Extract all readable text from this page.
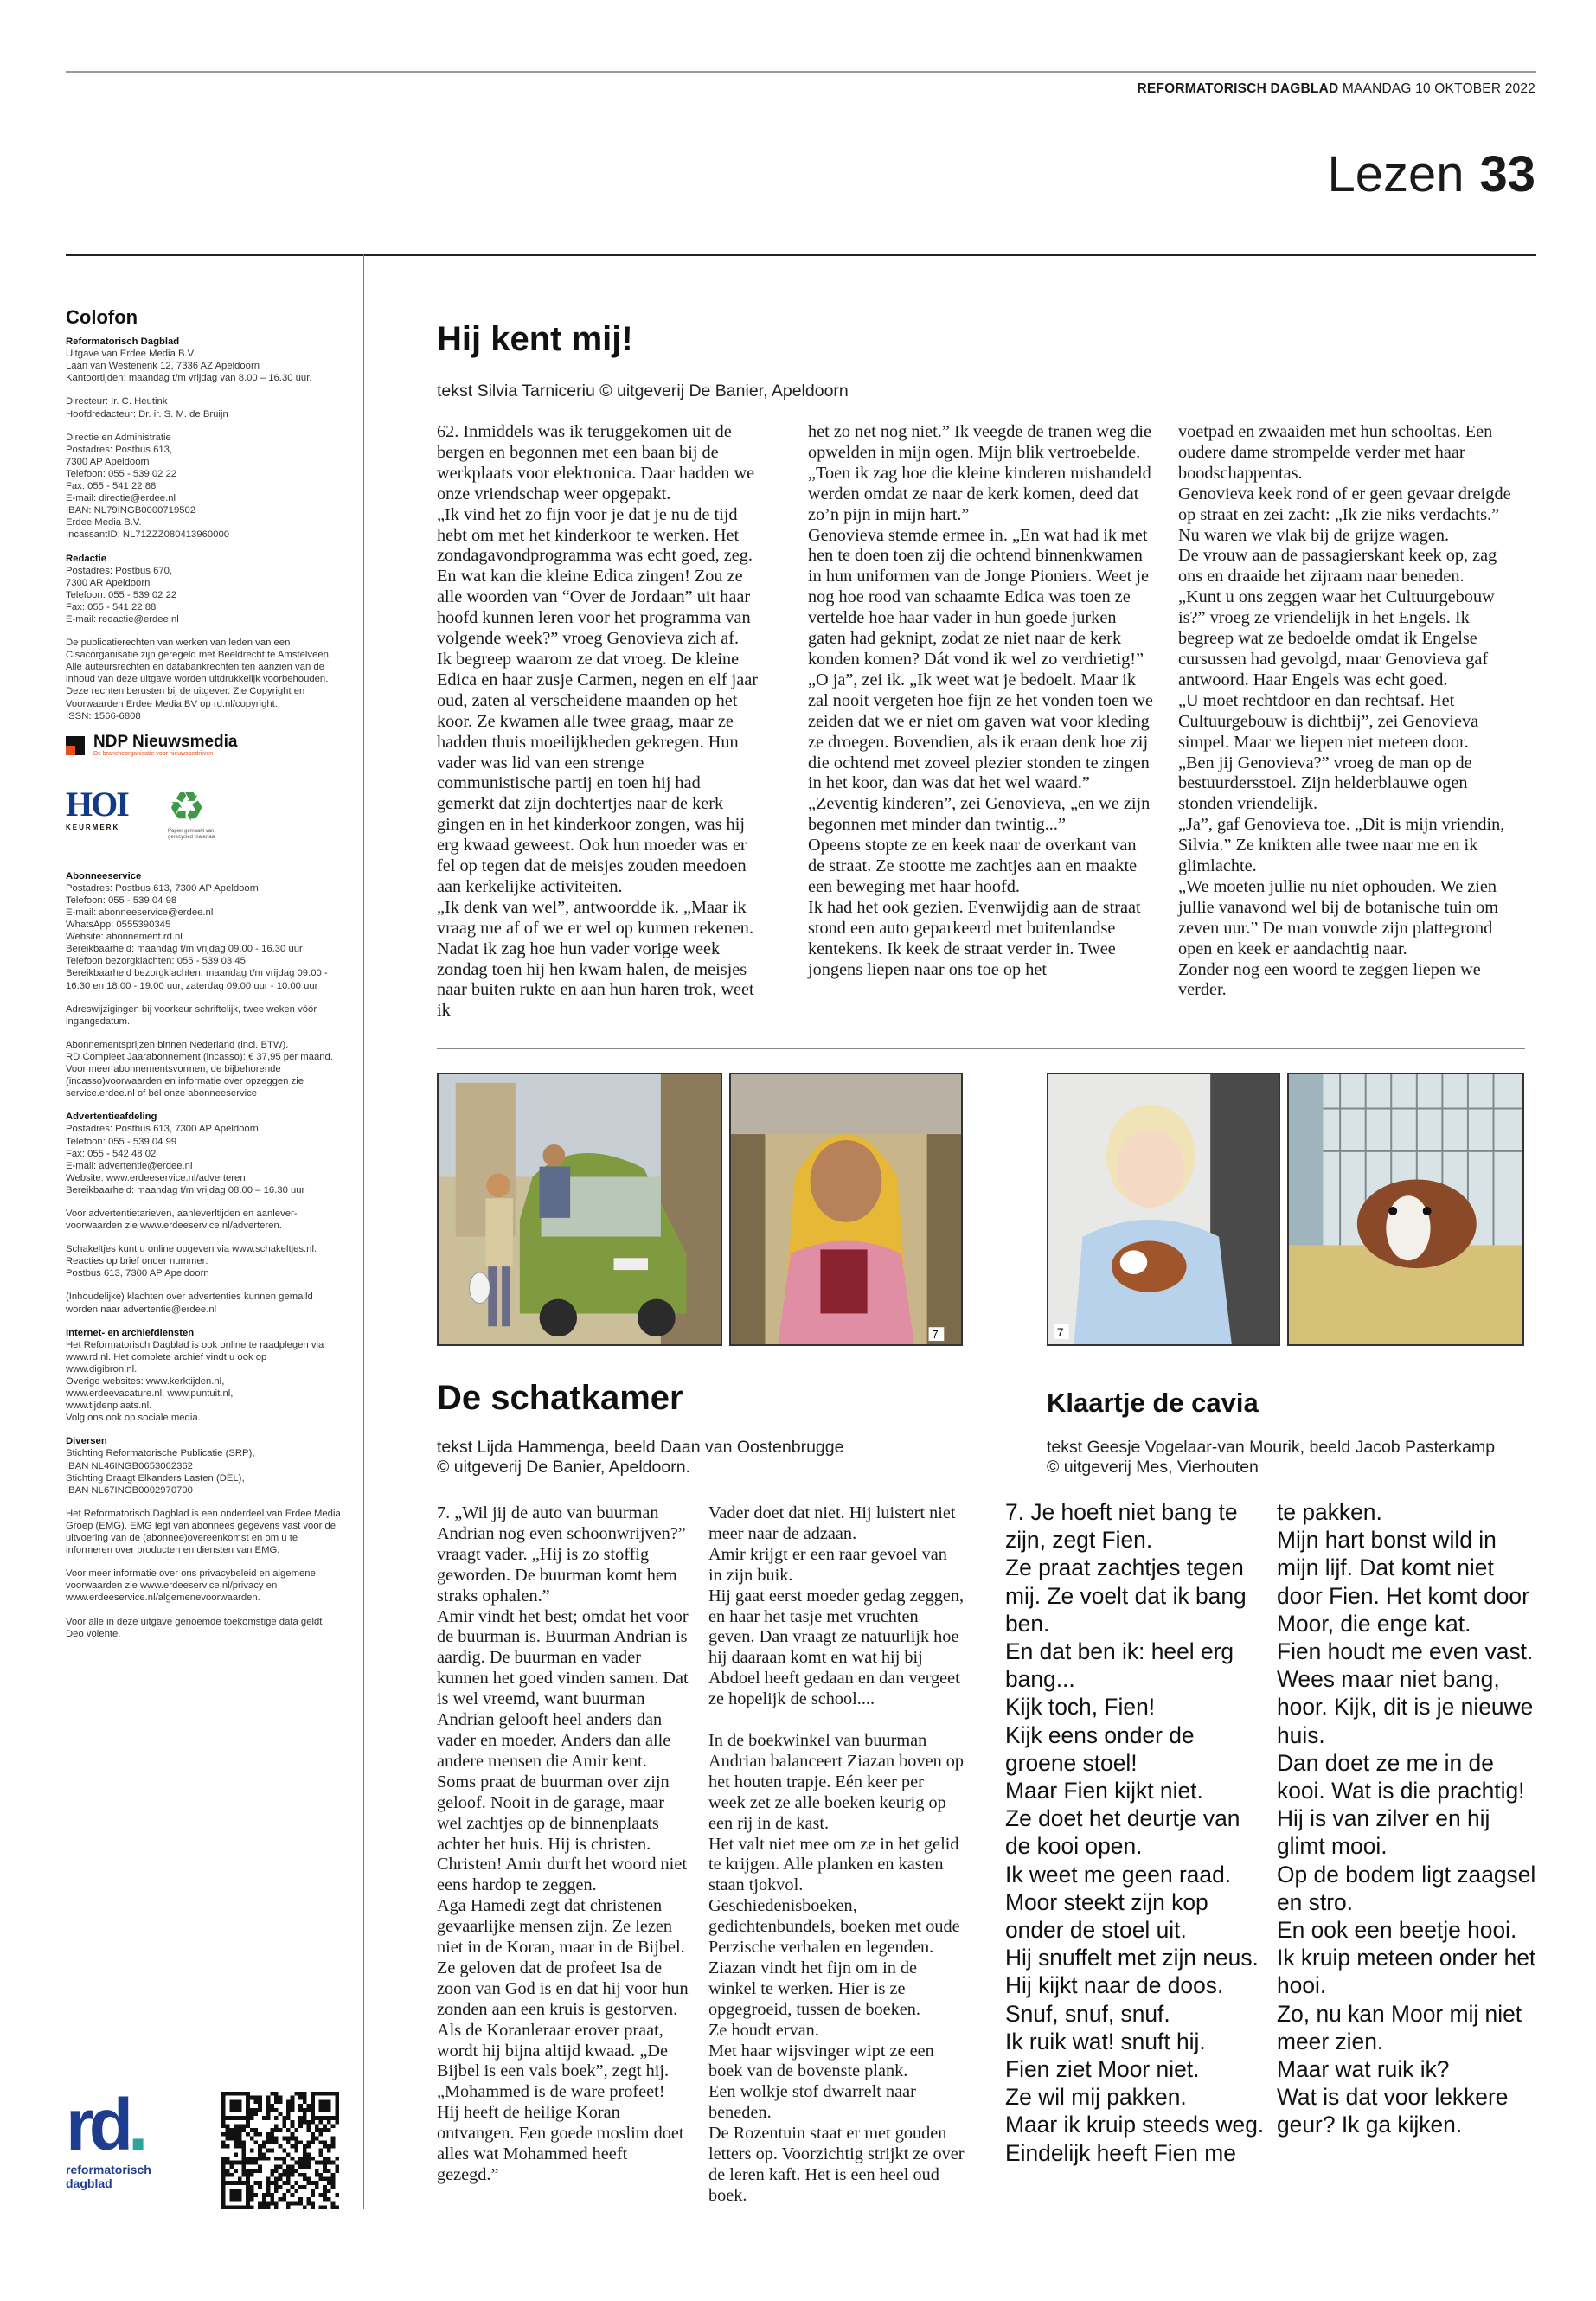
REFORMATORISCH DAGBLAD MAANDAG 10 OKTOBER 2022
Lezen 33
Colofon
Reformatorisch Dagblad
Uitgave van Erdee Media B.V.
Laan van Westenenk 12, 7336 AZ Apeldoorn
Kantoortijden: maandag t/m vrijdag van 8.00 – 16.30 uur.
Directeur: Ir. C. Heutink
Hoofdredacteur: Dr. ir. S. M. de Bruijn
Directie en Administratie
Postadres: Postbus 613,
7300 AP Apeldoorn
Telefoon: 055 - 539 02 22
Fax: 055 - 541 22 88
E-mail: directie@erdee.nl
IBAN: NL79INGB0000719502
Erdee Media B.V.
IncassantID: NL71ZZZ080413960000
Redactie
Postadres: Postbus 670,
7300 AR Apeldoorn
Telefoon: 055 - 539 02 22
Fax: 055 - 541 22 88
E-mail: redactie@erdee.nl
De publicatierechten van werken van leden van een Cisacorganisatie zijn geregeld met Beeldrecht te Amstelveen. Alle auteursrechten en databankrechten ten aanzien van de inhoud van deze uitgave worden uitdrukkelijk voorbehouden. Deze rechten berusten bij de uitgever. Zie Copyright en Voorwaarden Erdee Media BV op rd.nl/copyright.
ISSN: 1566-6808
NDP Nieuwsmedia
De brancheorganisatie voor nieuwsbedrijven
HOI
KEURMERK	♻
Papier gemaakt van gerecycled materiaal
Abonneeservice
Postadres: Postbus 613, 7300 AP Apeldoorn
Telefoon: 055 - 539 04 98
E-mail: abonneeservice@erdee.nl
WhatsApp: 0555390345
Website: abonnement.rd.nl
Bereikbaarheid: maandag t/m vrijdag 09.00 - 16.30 uur
Telefoon bezorgklachten: 055 - 539 03 45
Bereikbaarheid bezorgklachten: maandag t/m vrijdag 09.00 - 16.30 en 18.00 - 19.00 uur, zaterdag 09.00 uur - 10.00 uur
Adreswijzigingen bij voorkeur schriftelijk, twee weken vóór ingangsdatum.
Abonnementsprijzen binnen Nederland (incl. BTW).
RD Compleet Jaarabonnement (incasso): € 37,95 per maand.
Voor meer abonnementsvormen, de bijbehorende (incasso)voorwaarden en informatie over opzeggen zie service.erdee.nl of bel onze abonneeservice
Advertentieafdeling
Postadres: Postbus 613, 7300 AP Apeldoorn
Telefoon: 055 - 539 04 99
Fax: 055 - 542 48 02
E-mail: advertentie@erdee.nl
Website: www.erdeeservice.nl/adverteren
Bereikbaarheid: maandag t/m vrijdag 08.00 – 16.30 uur
Voor advertentietarieven, aanleverltijden en aanlever-voorwaarden zie www.erdeeservice.nl/adverteren.
Schakeltjes kunt u online opgeven via www.schakeltjes.nl.
Reacties op brief onder nummer:
Postbus 613, 7300 AP Apeldoorn
(Inhoudelijke) klachten over advertenties kunnen gemaild worden naar advertentie@erdee.nl
Internet- en archiefdiensten
Het Reformatorisch Dagblad is ook online te raadplegen via www.rd.nl. Het complete archief vindt u ook op
www.digibron.nl.
Overige websites: www.kerktijden.nl,
www.erdeevacature.nl, www.puntuit.nl,
www.tijdenplaats.nl.
Volg ons ook op sociale media.
Diversen
Stichting Reformatorische Publicatie (SRP),
IBAN NL46INGB0653062362
Stichting Draagt Elkanders Lasten (DEL),
IBAN NL67INGB0002970700
Het Reformatorisch Dagblad is een onderdeel van Erdee Media Groep (EMG). EMG legt van abonnees gegevens vast voor de uitvoering van de (abonnee)overeenkomst en om u te informeren over producten en diensten van EMG.
Voor meer informatie over ons privacybeleid en algemene voorwaarden zie www.erdeeservice.nl/privacy en www.erdeeservice.nl/algemenevoorwaarden.
Voor alle in deze uitgave genoemde toekomstige data geldt Deo volente.
rd.
reformatorisch
dagblad
Hij kent mij!
tekst Silvia Tarniceriu © uitgeverij De Banier, Apeldoorn
62. Inmiddels was ik teruggekomen uit de bergen en begonnen met een baan bij de werkplaats voor elektronica. Daar hadden we onze vriendschap weer opgepakt.
„Ik vind het zo fijn voor je dat je nu de tijd hebt om met het kinderkoor te werken. Het zondagavondprogramma was echt goed, zeg. En wat kan die kleine Edica zingen! Zou ze alle woorden van “Over de Jordaan” uit haar hoofd kunnen leren voor het programma van volgende week?” vroeg Genovieva zich af.
Ik begreep waarom ze dat vroeg. De kleine Edica en haar zusje Carmen, negen en elf jaar oud, zaten al verscheidene maanden op het koor. Ze kwamen alle twee graag, maar ze hadden thuis moeilijkheden gekregen. Hun vader was lid van een strenge communistische partij en toen hij had gemerkt dat zijn dochtertjes naar de kerk gingen en in het kinderkoor zongen, was hij erg kwaad geweest. Ook hun moeder was er fel op tegen dat de meisjes zouden meedoen aan kerkelijke activiteiten.
„Ik denk van wel”, antwoordde ik. „Maar ik vraag me af of we er wel op kunnen rekenen. Nadat ik zag hoe hun vader vorige week zondag toen hij hen kwam halen, de meisjes naar buiten rukte en aan hun haren trok, weet ik
het zo net nog niet.” Ik veegde de tranen weg die opwelden in mijn ogen. Mijn blik vertroebelde. „Toen ik zag hoe die kleine kinderen mishandeld werden omdat ze naar de kerk komen, deed dat zo’n pijn in mijn hart.”
Genovieva stemde ermee in. „En wat had ik met hen te doen toen zij die ochtend binnenkwamen in hun uniformen van de Jonge Pioniers. Weet je nog hoe rood van schaamte Edica was toen ze vertelde hoe haar vader in hun goede jurken gaten had geknipt, zodat ze niet naar de kerk konden komen? Dát vond ik wel zo verdrietig!”
„O ja”, zei ik. „Ik weet wat je bedoelt. Maar ik zal nooit vergeten hoe fijn ze het vonden toen we zeiden dat we er niet om gaven wat voor kleding ze droegen. Bovendien, als ik eraan denk hoe zij die ochtend met zoveel plezier stonden te zingen in het koor, dan was dat het wel waard.”
„Zeventig kinderen”, zei Genovieva, „en we zijn begonnen met minder dan twintig...”
Opeens stopte ze en keek naar de overkant van de straat. Ze stootte me zachtjes aan en maakte een beweging met haar hoofd.
Ik had het ook gezien. Evenwijdig aan de straat stond een auto geparkeerd met buitenlandse kentekens. Ik keek de straat verder in. Twee jongens liepen naar ons toe op het
voetpad en zwaaiden met hun schooltas. Een oudere dame strompelde verder met haar boodschappentas.
Genovieva keek rond of er geen gevaar dreigde op straat en zei zacht: „Ik zie niks verdachts.”
Nu waren we vlak bij de grijze wagen.
De vrouw aan de passagierskant keek op, zag ons en draaide het zijraam naar beneden.
„Kunt u ons zeggen waar het Cultuurgebouw is?” vroeg ze vriendelijk in het Engels. Ik begreep wat ze bedoelde omdat ik Engelse cursussen had gevolgd, maar Genovieva gaf antwoord. Haar Engels was echt goed.
„U moet rechtdoor en dan rechtsaf. Het Cultuurgebouw is dichtbij”, zei Genovieva simpel. Maar we liepen niet meteen door.
„Ben jij Genovieva?” vroeg de man op de bestuurdersstoel. Zijn helderblauwe ogen stonden vriendelijk.
„Ja”, gaf Genovieva toe. „Dit is mijn vriendin, Silvia.” Ze knikten alle twee naar me en ik glimlachte.
„We moeten jullie nu niet ophouden. We zien jullie vanavond wel bij de botanische tuin om zeven uur.” De man vouwde zijn plattegrond open en keek er aandachtig naar.
Zonder nog een woord te zeggen liepen we verder.
7	7
De schatkamer
tekst Lijda Hammenga, beeld Daan van Oostenbrugge
© uitgeverij De Banier, Apeldoorn.
7. „Wil jij de auto van buurman Andrian nog even schoonwrijven?” vraagt vader. „Hij is zo stoffig geworden. De buurman komt hem straks ophalen.”
Amir vindt het best; omdat het voor de buurman is. Buurman Andrian is aardig. De buurman en vader kunnen het goed vinden samen. Dat is wel vreemd, want buurman Andrian gelooft heel anders dan vader en moeder. Anders dan alle andere mensen die Amir kent. Soms praat de buurman over zijn geloof. Nooit in de garage, maar wel zachtjes op de binnenplaats achter het huis. Hij is christen. Christen! Amir durft het woord niet eens hardop te zeggen.
Aga Hamedi zegt dat christenen gevaarlijke mensen zijn. Ze lezen niet in de Koran, maar in de Bijbel. Ze geloven dat de profeet Isa de zoon van God is en dat hij voor hun zonden aan een kruis is gestorven.
Als de Koranleraar erover praat, wordt hij bijna altijd kwaad. „De Bijbel is een vals boek”, zegt hij. „Mohammed is de ware profeet! Hij heeft de heilige Koran ontvangen. Een goede moslim doet alles wat Mohammed heeft gezegd.”
Vader doet dat niet. Hij luistert niet meer naar de adzaan.
Amir krijgt er een raar gevoel van in zijn buik.
Hij gaat eerst moeder gedag zeggen, en haar het tasje met vruchten geven. Dan vraagt ze natuurlijk hoe hij daaraan komt en wat hij bij Abdoel heeft gedaan en dan vergeet ze hopelijk de school....

In de boekwinkel van buurman Andrian balanceert Ziazan boven op het houten trapje. Eén keer per week zet ze alle boeken keurig op een rij in de kast.
Het valt niet mee om ze in het gelid te krijgen. Alle planken en kasten staan tjokvol.
Geschiedenisboeken, gedichtenbundels, boeken met oude Perzische verhalen en legenden.
Ziazan vindt het fijn om in de winkel te werken. Hier is ze opgegroeid, tussen de boeken.
Ze houdt ervan.
Met haar wijsvinger wipt ze een boek van de bovenste plank.
Een wolkje stof dwarrelt naar beneden.
De Rozentuin staat er met gouden letters op. Voorzichtig strijkt ze over de leren kaft. Het is een heel oud boek.
Klaartje de cavia
tekst Geesje Vogelaar-van Mourik, beeld Jacob Pasterkamp
© uitgeverij Mes, Vierhouten
7. Je hoeft niet bang te zijn, zegt Fien.
Ze praat zachtjes tegen mij. Ze voelt dat ik bang ben.
En dat ben ik: heel erg bang...
Kijk toch, Fien!
Kijk eens onder de groene stoel!
Maar Fien kijkt niet.
Ze doet het deurtje van de kooi open.
Ik weet me geen raad.
Moor steekt zijn kop onder de stoel uit.
Hij snuffelt met zijn neus. Hij kijkt naar de doos. Snuf, snuf, snuf.
Ik ruik wat! snuft hij.
Fien ziet Moor niet.
Ze wil mij pakken.
Maar ik kruip steeds weg.
Eindelijk heeft Fien me
te pakken.
Mijn hart bonst wild in mijn lijf. Dat komt niet door Fien. Het komt door Moor, die enge kat.
Fien houdt me even vast. Wees maar niet bang, hoor. Kijk, dit is je nieuwe huis.
Dan doet ze me in de kooi. Wat is die prachtig! Hij is van zilver en hij glimt mooi.
Op de bodem ligt zaagsel en stro.
En ook een beetje hooi.
Ik kruip meteen onder het hooi.
Zo, nu kan Moor mij niet meer zien.
Maar wat ruik ik?
Wat is dat voor lekkere geur? Ik ga kijken.
